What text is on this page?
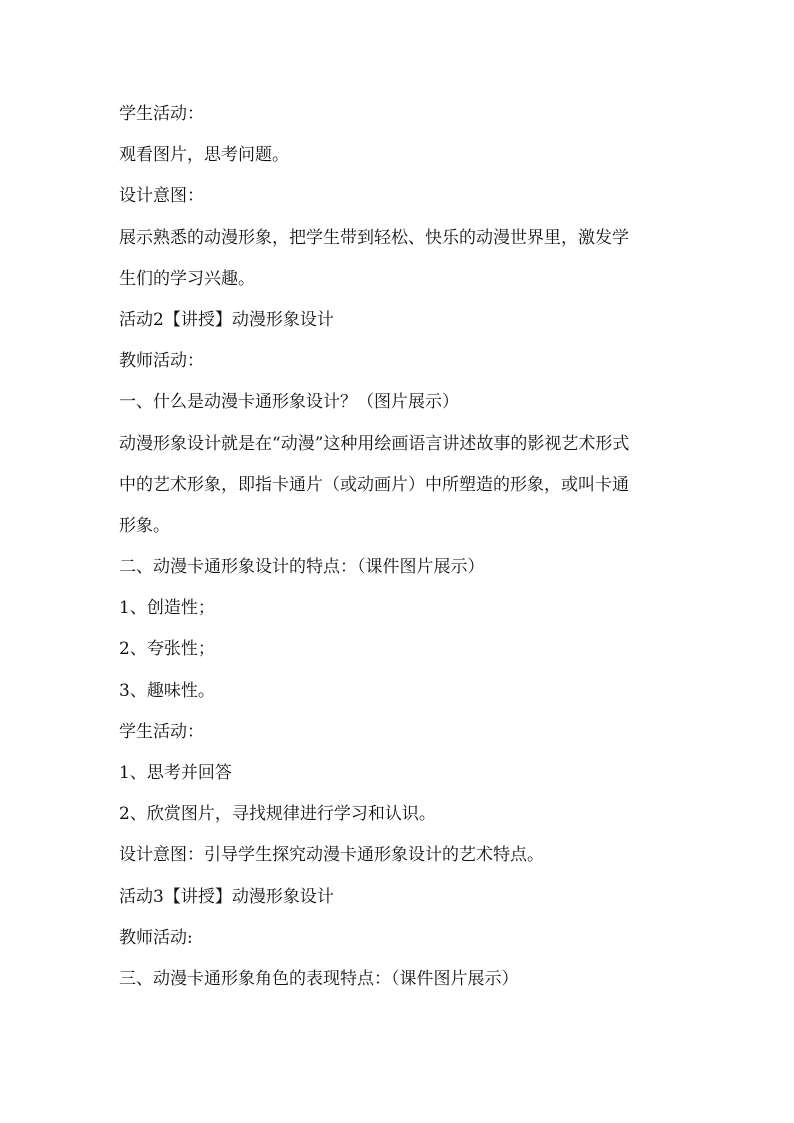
学生活动：
观看图片，思考问题。
设计意图：
展示熟悉的动漫形象，把学生带到轻松、快乐的动漫世界里，激发学
生们的学习兴趣。
活动2【讲授】动漫形象设计
教师活动：
一、什么是动漫卡通形象设计？（图片展示）
动漫形象设计就是在“动漫”这种用绘画语言讲述故事的影视艺术形式
中的艺术形象，即指卡通片（或动画片）中所塑造的形象，或叫卡通
形象。
二、动漫卡通形象设计的特点：（课件图片展示）
1、创造性；
2、夸张性；
3、趣味性。
学生活动：
1、思考并回答
2、欣赏图片，寻找规律进行学习和认识。
设计意图：引导学生探究动漫卡通形象设计的艺术特点。
活动3【讲授】动漫形象设计
教师活动:
三、动漫卡通形象角色的表现特点：（课件图片展示）
